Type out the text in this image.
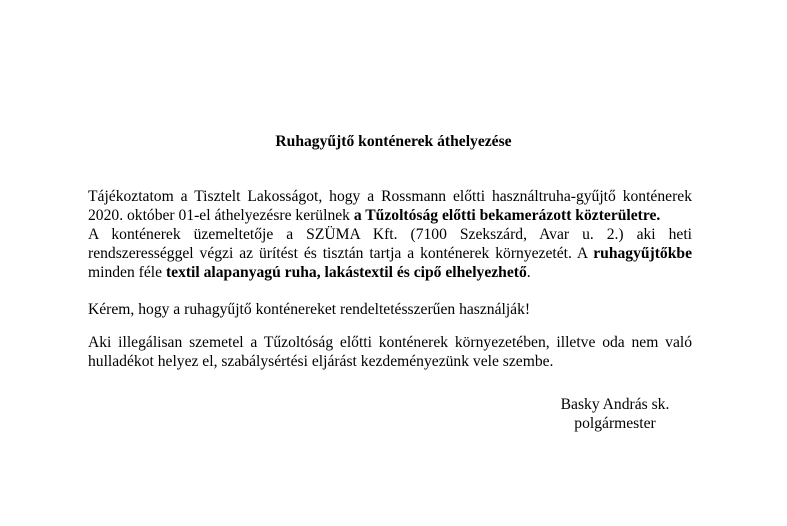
Ruhagyűjtő konténerek áthelyezése
Tájékoztatom a Tisztelt Lakosságot, hogy a Rossmann előtti használtruha-gyűjtő konténerek
2020. október 01-el áthelyezésre kerülnek a Tűzoltóság előtti bekamerázott közterületre.
A konténerek üzemeltetője a SZÜMA Kft. (7100 Szekszárd, Avar u. 2.) aki heti
rendszerességgel végzi az ürítést és tisztán tartja a konténerek környezetét. A ruhagyűjtőkbe
minden féle textil alapanyagú ruha, lakástextil és cipő elhelyezhető.
Kérem, hogy a ruhagyűjtő konténereket rendeltetésszerűen használják!
Aki illegálisan szemetel a Tűzoltóság előtti konténerek környezetében, illetve oda nem való
hulladékot helyez el, szabálysértési eljárást kezdeményezünk vele szembe.
Basky András sk.
polgármester
